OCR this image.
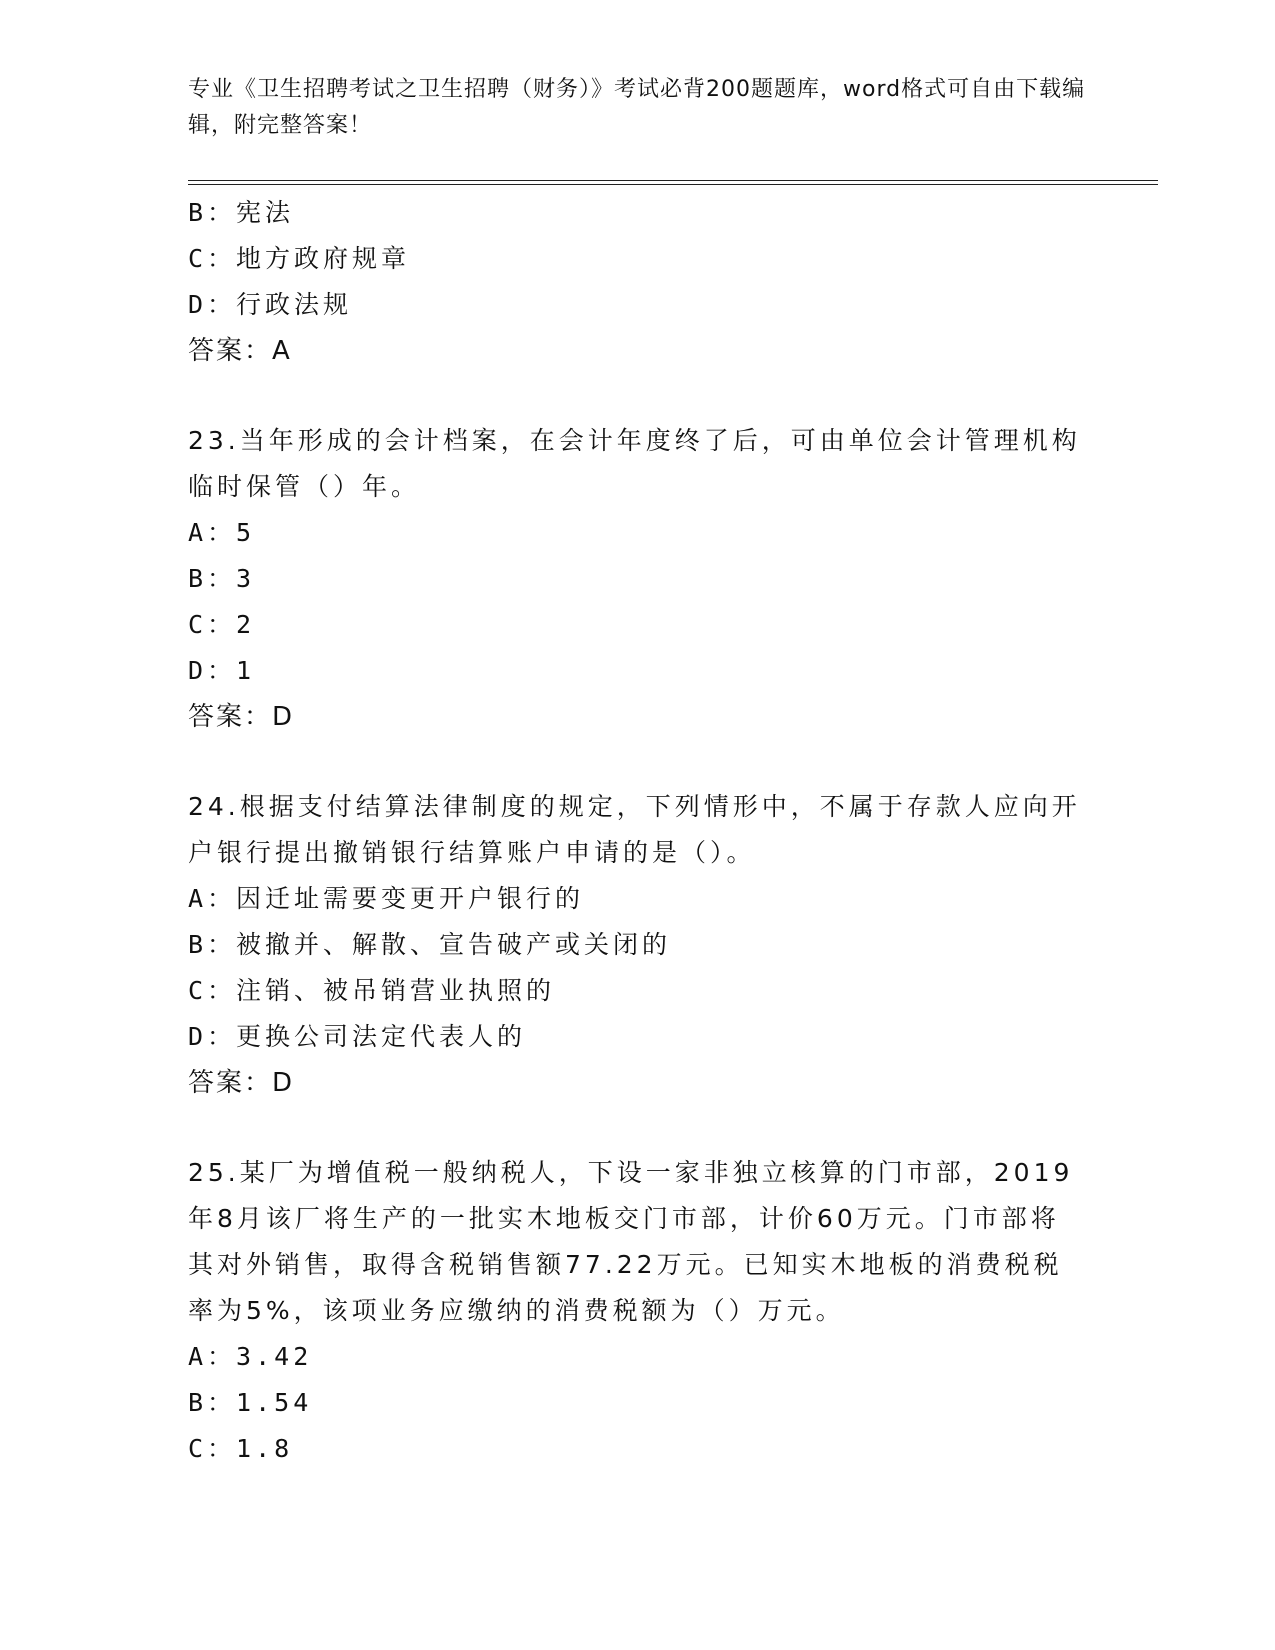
专业《卫生招聘考试之卫生招聘（财务）》考试必背200题题库，word格式可自由下载编辑，附完整答案！
B：宪法
C：地方政府规章
D：行政法规
答案：A
23.当年形成的会计档案，在会计年度终了后，可由单位会计管理机构临时保管（）年。
A：5
B：3
C：2
D：1
答案：D
24.根据支付结算法律制度的规定，下列情形中，不属于存款人应向开户银行提出撤销银行结算账户申请的是（）。
A：因迁址需要变更开户银行的
B：被撤并、解散、宣告破产或关闭的
C：注销、被吊销营业执照的
D：更换公司法定代表人的
答案：D
25.某厂为增值税一般纳税人，下设一家非独立核算的门市部，2019年8月该厂将生产的一批实木地板交门市部，计价60万元。门市部将其对外销售，取得含税销售额77.22万元。已知实木地板的消费税税率为5%，该项业务应缴纳的消费税额为（）万元。
A：3.42
B：1.54
C：1.8
